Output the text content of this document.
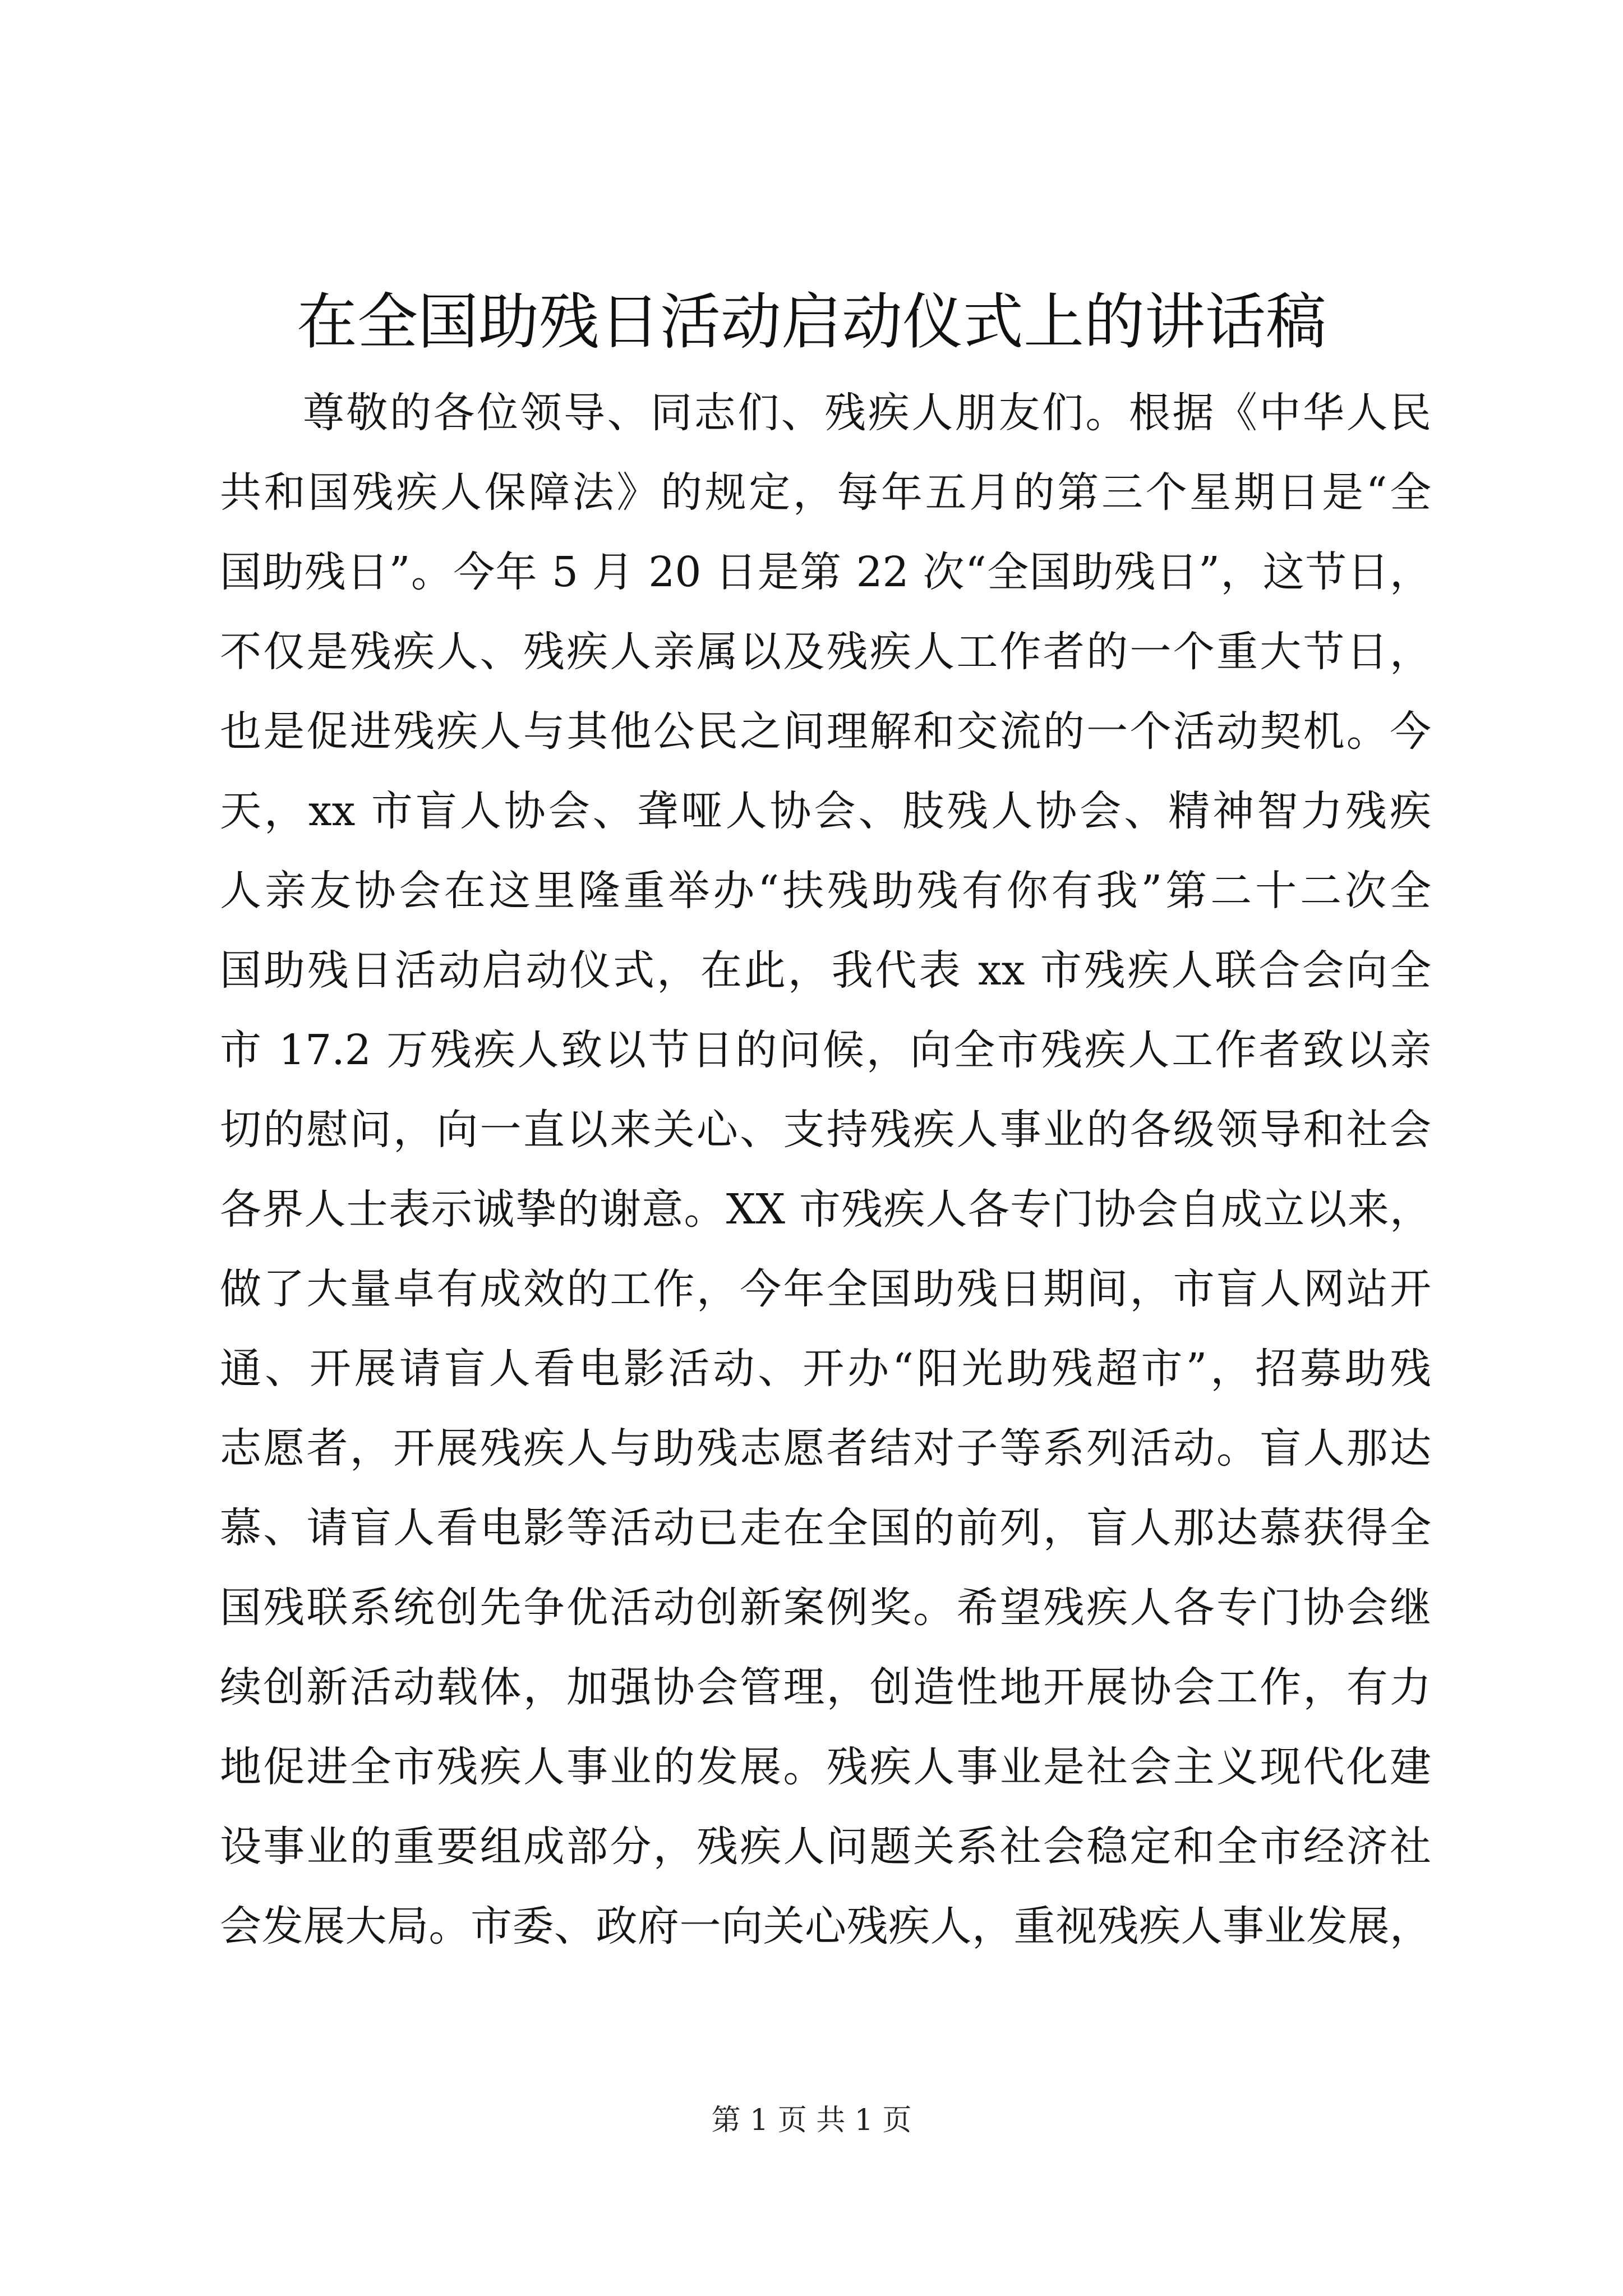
在全国助残日活动启动仪式上的讲话稿
尊敬的各位领导、同志们、残疾人朋友们。根据《中华人民
共和国残疾人保障法》的规定，每年五月的第三个星期日是“全
国助残日”。今年 5 月 20 日是第 22 次“全国助残日”，这节日，
不仅是残疾人、残疾人亲属以及残疾人工作者的一个重大节日，
也是促进残疾人与其他公民之间理解和交流的一个活动契机。今
天，xx 市盲人协会、聋哑人协会、肢残人协会、精神智力残疾
人亲友协会在这里隆重举办“扶残助残有你有我”第二十二次全
国助残日活动启动仪式，在此，我代表 xx 市残疾人联合会向全
市 17.2 万残疾人致以节日的问候，向全市残疾人工作者致以亲
切的慰问，向一直以来关心、支持残疾人事业的各级领导和社会
各界人士表示诚挚的谢意。XX 市残疾人各专门协会自成立以来，
做了大量卓有成效的工作，今年全国助残日期间，市盲人网站开
通、开展请盲人看电影活动、开办“阳光助残超市”，招募助残
志愿者，开展残疾人与助残志愿者结对子等系列活动。盲人那达
慕、请盲人看电影等活动已走在全国的前列，盲人那达慕获得全
国残联系统创先争优活动创新案例奖。希望残疾人各专门协会继
续创新活动载体，加强协会管理，创造性地开展协会工作，有力
地促进全市残疾人事业的发展。残疾人事业是社会主义现代化建
设事业的重要组成部分，残疾人问题关系社会稳定和全市经济社
会发展大局。市委、政府一向关心残疾人，重视残疾人事业发展，
第 1 页 共 1 页
